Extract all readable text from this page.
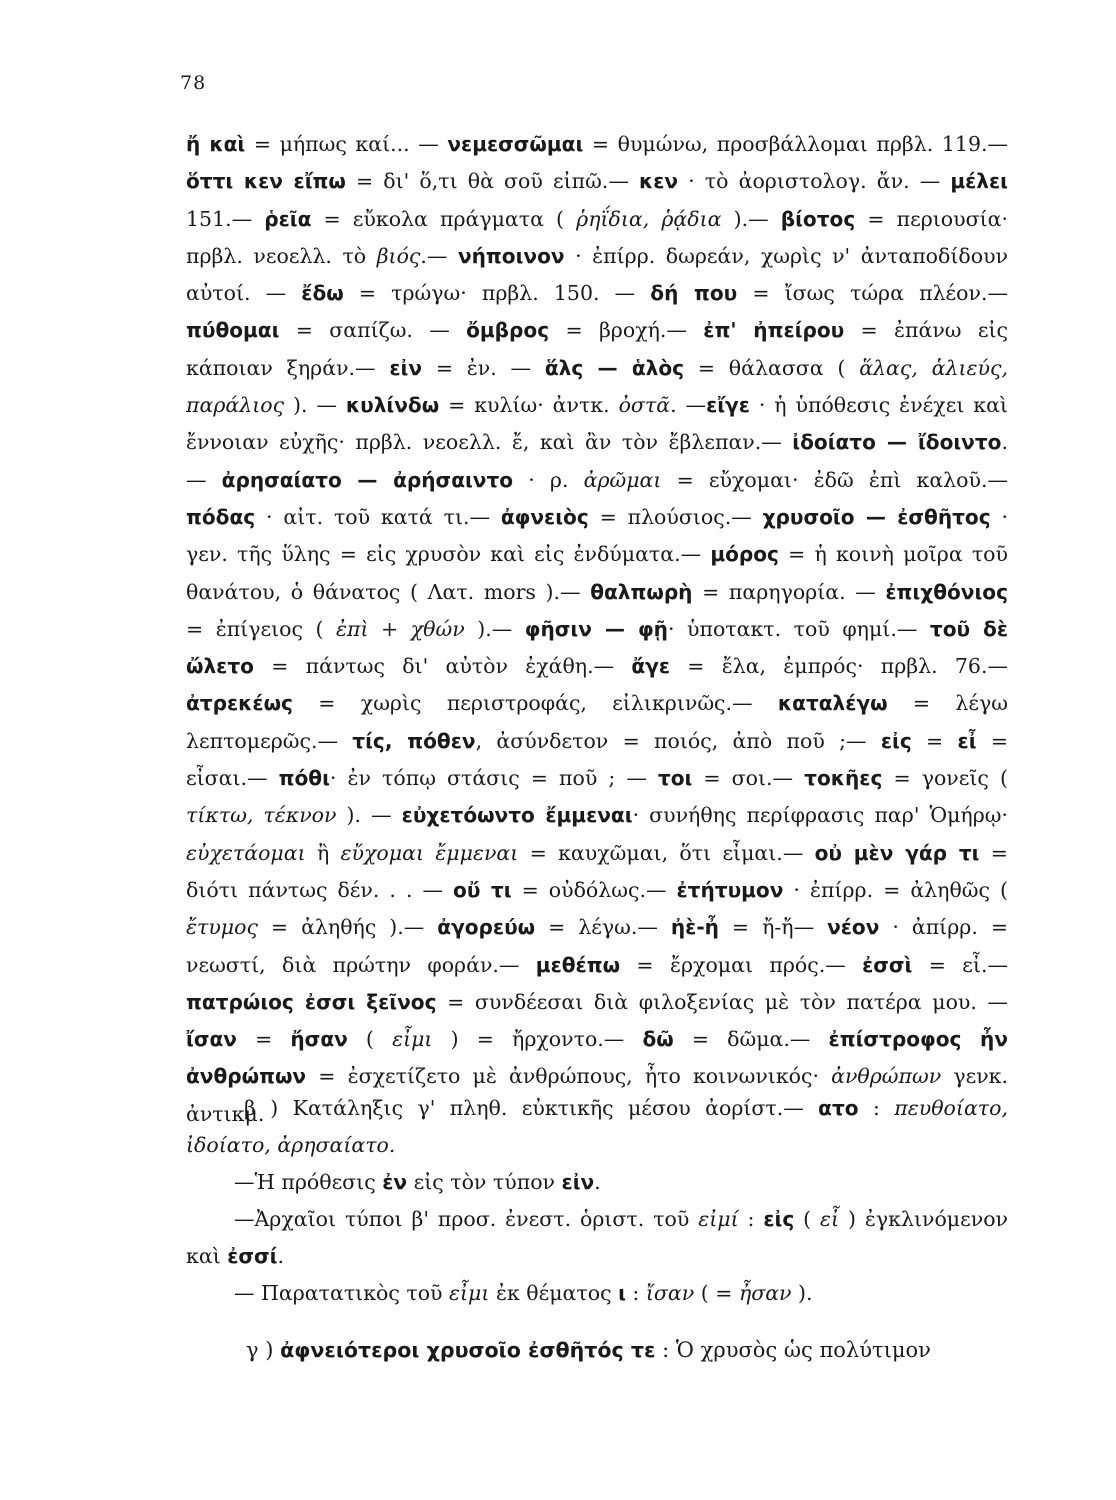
78

ἤ καὶ = μήπως καί... — νεμεσσῶμαι = θυμώνω, προσβάλλομαι πρβλ. 119.— ὅττι κεν εἴπω = δι' ὅ,τι θὰ σοῦ εἰπῶ.— κεν · τὸ ἀοριστολογ. ἄν. — μέλει 151.— ῥεῖα = εὔκολα πράγματα ( ῥηΐδια, ῥᾴδια ).— βίοτος = περιουσία· πρβλ. νεοελλ. τὸ βιός.— νήποινον · ἐπίρρ. δωρεάν, χωρὶς ν' ἀνταποδίδουν αὐτοί. — ἔδω = τρώγω· πρβλ. 150. — δή που = ἴσως τώρα πλέον.— πύθομαι = σαπίζω. — ὄμβρος = βροχή.— ἐπ' ἠπείρου = ἐπάνω εἰς κάποιαν ξηράν.— εἰν = ἐν. — ἅλς — ἁλὸς = θάλασσα ( ἅλας, ἁλιεύς, παράλιος ). — κυλίνδω = κυλίω· ἀντκ. ὀστᾶ. —εἴγε · ἡ ὑπόθεσις ἐνέχει καὶ ἔννοιαν εὐχῆς· πρβλ. νεοελλ. ἔ, καὶ ἂν τὸν ἔβλεπαν.— ἰδοίατο — ἴδοιντο. — ἀρησαίατο — ἀρήσαιντο · ρ. ἀρῶμαι = εὔχομαι· ἐδῶ ἐπὶ καλοῦ.— πόδας · αἰτ. τοῦ κατά τι.— ἀφνειὸς = πλούσιος.— χρυσοῖο — ἐσθῆτος · γεν. τῆς ὕλης = εἰς χρυσὸν καὶ εἰς ἐνδύματα.— μόρος = ἡ κοινὴ μοῖρα τοῦ θανάτου, ὁ θάνατος ( Λατ. mors ).— θαλπωρὴ = παρηγορία. — ἐπιχθόνιος = ἐπίγειος ( ἐπὶ + χθών ).— φῆσιν — φῇ· ὑποτακτ. τοῦ φημί.— τοῦ δὲ ὤλετο = πάντως δι' αὐτὸν ἐχάθη.— ἄγε = ἔλα, ἐμπρός· πρβλ. 76.— ἀτρεκέως = χωρὶς περιστροφάς, εἰλικρινῶς.— καταλέγω = λέγω λεπτομερῶς.— τίς, πόθεν, ἀσύνδετον = ποιός, ἀπὸ ποῦ ;— εἰς = εἶ = εἶσαι.— πόθι· ἐν τόπῳ στάσις = ποῦ ; — τοι = σοι.— τοκῆες = γονεῖς ( τίκτω, τέκνον ). — εὐχετόωντο ἔμμεναι· συνήθης περίφρασις παρ' Ὁμήρῳ· εὐχετάομαι ἢ εὔχομαι ἔμμεναι = καυχῶμαι, ὅτι εἶμαι.— οὐ μὲν γάρ τι = διότι πάντως δέν. . . — οὔ τι = οὐδόλως.— ἐτήτυμον · ἐπίρρ. = ἀληθῶς ( ἔτυμος = ἀληθής ).— ἀγορεύω = λέγω.— ἠὲ-ἦ = ἤ-ἤ— νέον · ἀπίρρ. = νεωστί, διὰ πρώτην φοράν.— μεθέπω = ἔρχομαι πρός.— ἐσσὶ = εἶ.— πατρώιος ἐσσι ξεῖνος = συνδέεσαι διὰ φιλοξενίας μὲ τὸν πατέρα μου. — ἴσαν = ἤσαν ( εἶμι ) = ἤρχοντο.— δῶ = δῶμα.— ἐπίστροφος ἦν ἀνθρώπων = ἐσχετίζετο μὲ ἀνθρώπους, ἦτο κοινωνικός· ἀνθρώπων γενκ. ἀντικμ.

β ) Κατάληξις γ' πληθ. εὐκτικῆς μέσου ἀορίστ.— ατο : πευθοίατο, ἰδοίατο, ἀρησαίατο.

—Ἡ πρόθεσις ἐν εἰς τὸν τύπον εἰν.

—Ἀρχαῖοι τύποι β' προσ. ἐνεστ. ὁριστ. τοῦ εἰμί : εἰς ( εἶ ) ἐγκλινόμενον καὶ ἐσσί.

— Παρατατικὸς τοῦ εἶμι ἐκ θέματος ι : ἴσαν ( = ἦσαν ).

γ ) ἀφνειότεροι χρυσοῖο ἐσθῆτός τε : Ὁ χρυσὸς ὡς πολύτιμον
